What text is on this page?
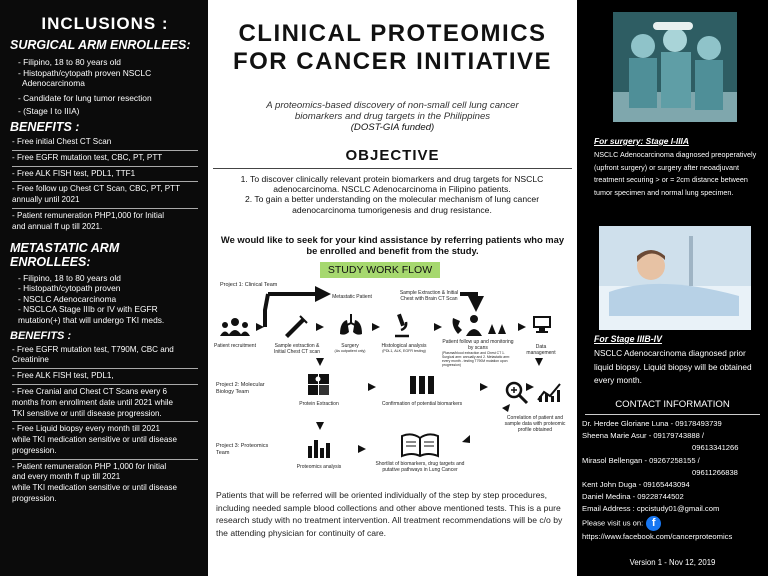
INCLUSIONS :
SURGICAL ARM ENROLLEES:
- Filipino, 18 to 80 years old
- Histopath/cytopath proven NSCLC
Adenocarcinoma
- Candidate for lung tumor resection
- (Stage I to IIIA)
BENEFITS :
- Free initial Chest CT Scan
- Free EGFR mutation test, CBC, PT, PTT
- Free ALK FISH test, PDL1, TTF1
- Free follow up Chest CT Scan, CBC, PT, PTT
annually until 2021
- Patient remuneration PHP1,000 for Initial
and annual ff up till 2021.
METASTATIC ARM ENROLLEES:
- Filipino, 18 to 80 years old
- Histopath/cytopath proven
- NSCLC Adenocarcinoma
- NSCLCA Stage IIIb or IV with EGFR
mutation(+) that will undergo TKI meds.
BENEFITS :
- Free EGFR mutation test, T790M, CBC and
Creatinine
- Free ALK FISH test, PDL1,
- Free Cranial and Chest CT Scans every 6
months from enrollment date until 2021 while
TKI sensitive or until disease progression.
- Free Liquid biopsy every month till 2021
while TKI medication sensitive or until disease
progression.
- Patient remuneration PHP 1,000 for Initial
and every month ff up till 2021
while TKI medication sensitive or until disease
progression.
CLINICAL PROTEOMICS
FOR CANCER INITIATIVE
A proteomics-based discovery of non-small cell lung cancer
biomarkers and drug targets in the Philippines
(DOST-GIA funded)
OBJECTIVE
1. To discover clinically relevant protein biomarkers and drug targets for NSCLC adenocarcinoma. NSCLC Adenocarcinoma in Filipino patients.
2. To gain a better understanding on the molecular mechanism of lung cancer adenocarcinoma tumorigenesis and drug resistance.
We would like to seek for your kind assistance by referring patients who may be enrolled and benefit from the study.
STUDY WORK FLOW
Project 1: Clinical Team
Metastatic Patient
Sample Extraction & Initial Chest with Brain CT Scan
Patient recruitment	Sample extraction & Initial Chest CT scan
Surgery
(As outpatient only)
Histological analysis
(PDL1, ALK, EGFR testing)
Patient follow up and monitoring by scans
(Plasma/blood extraction and Chest CT 1. Surgical arm: annually and 2. Metastatic arm: every month - testing T790M mutation upon progression)
Data management
Project 2: Molecular Biology Team
Protein Extraction	Confirmation of potential biomarkers
Correlation of patient and sample data with proteomic profile obtained
Project 3: Proteomics Team
Proteomics analysis	Shortlist of biomarkers, drug targets and putative pathways in Lung Cancer
Patients that will be referred will be oriented individually of the step by step procedures, including needed sample blood collections and other above mentioned tests. This is a pure research study with no treatment intervention. All treatment recommendations will be c/o by the attending physician for continuity of care.
For surgery: Stage I-IIIA
NSCLC Adenocarcinoma diagnosed preoperatively (upfront surgery) or surgery after neoadjuvant treatment securing > or = 2cm distance between tumor specimen and normal lung specimen.
For Stage IIIB-IV
NSCLC Adenocarcinoma diagnosed prior liquid biopsy. Liquid biopsy will be obtained every month.
CONTACT INFORMATION
Dr. Herdee Gloriane Luna - 09178493739
Sheena Marie Asur - 09179743888 /
09613341266
Mirasol Bellengan - 09267258155 /
09611266838
Kent John Duga - 09165443094
Daniel Medina - 09228744502
Email Address : cpcistudy01@gmail.com
Please visit us on: f
https://www.facebook.com/cancerproteomics
Version 1 - Nov 12, 2019
